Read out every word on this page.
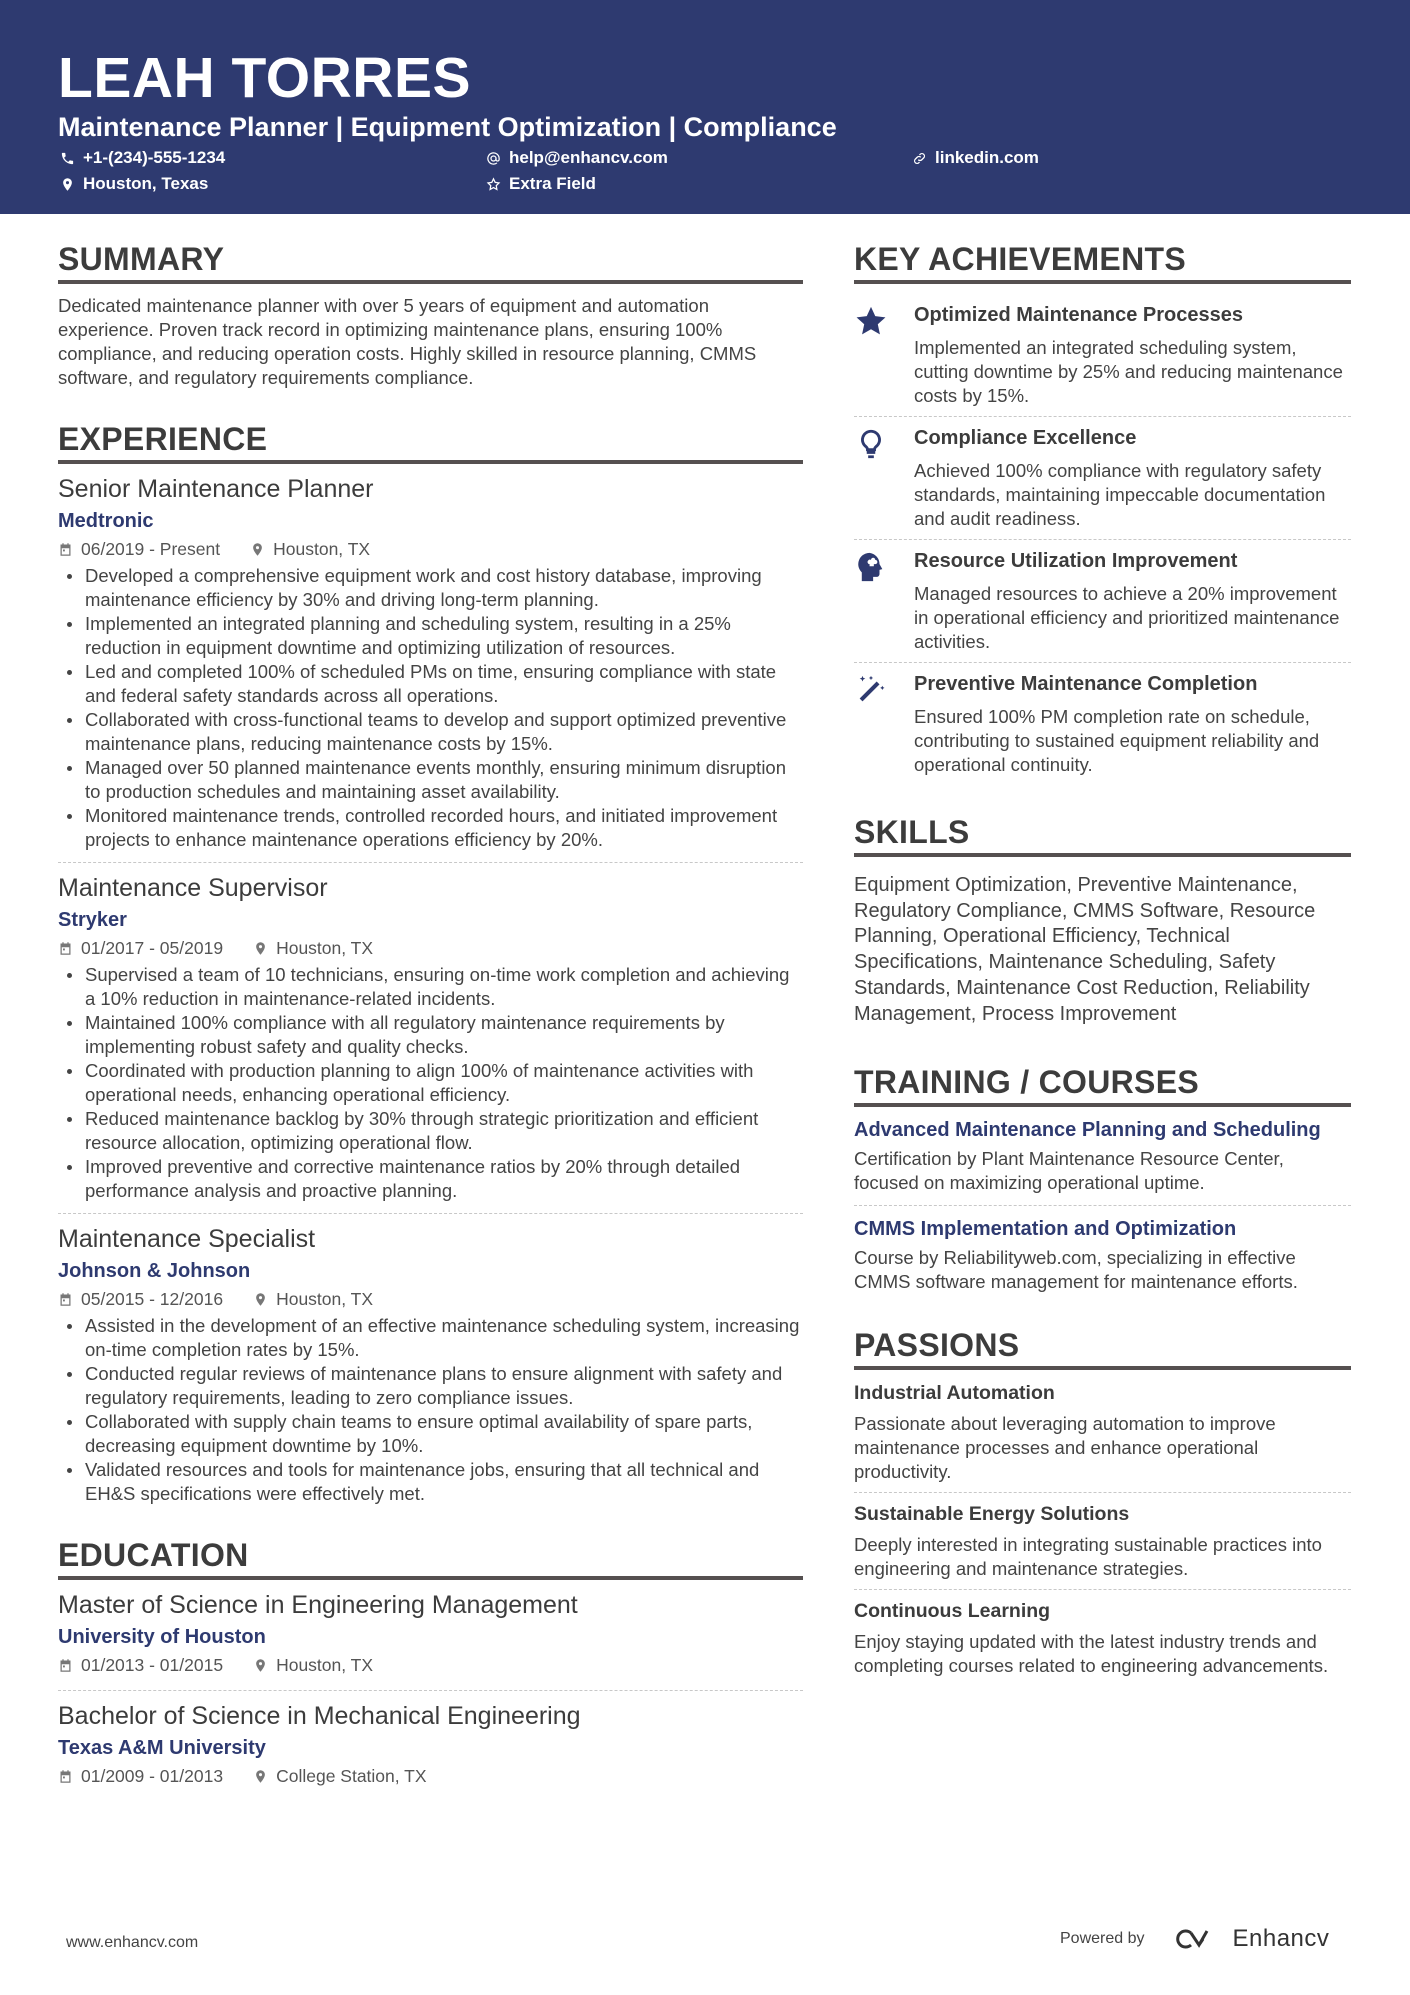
LEAH TORRES
Maintenance Planner | Equipment Optimization | Compliance
+1-(234)-555-1234	help@enhancv.com	linkedin.com
Houston, Texas	Extra Field
SUMMARY
Dedicated maintenance planner with over 5 years of equipment and automation experience. Proven track record in optimizing maintenance plans, ensuring 100% compliance, and reducing operation costs. Highly skilled in resource planning, CMMS software, and regulatory requirements compliance.
EXPERIENCE
Senior Maintenance Planner
Medtronic
06/2019 - Present	Houston, TX
Developed a comprehensive equipment work and cost history database, improving maintenance efficiency by 30% and driving long-term planning.
Implemented an integrated planning and scheduling system, resulting in a 25% reduction in equipment downtime and optimizing utilization of resources.
Led and completed 100% of scheduled PMs on time, ensuring compliance with state and federal safety standards across all operations.
Collaborated with cross-functional teams to develop and support optimized preventive maintenance plans, reducing maintenance costs by 15%.
Managed over 50 planned maintenance events monthly, ensuring minimum disruption to production schedules and maintaining asset availability.
Monitored maintenance trends, controlled recorded hours, and initiated improvement projects to enhance maintenance operations efficiency by 20%.
Maintenance Supervisor
Stryker
01/2017 - 05/2019	Houston, TX
Supervised a team of 10 technicians, ensuring on-time work completion and achieving a 10% reduction in maintenance-related incidents.
Maintained 100% compliance with all regulatory maintenance requirements by implementing robust safety and quality checks.
Coordinated with production planning to align 100% of maintenance activities with operational needs, enhancing operational efficiency.
Reduced maintenance backlog by 30% through strategic prioritization and efficient resource allocation, optimizing operational flow.
Improved preventive and corrective maintenance ratios by 20% through detailed performance analysis and proactive planning.
Maintenance Specialist
Johnson & Johnson
05/2015 - 12/2016	Houston, TX
Assisted in the development of an effective maintenance scheduling system, increasing on-time completion rates by 15%.
Conducted regular reviews of maintenance plans to ensure alignment with safety and regulatory requirements, leading to zero compliance issues.
Collaborated with supply chain teams to ensure optimal availability of spare parts, decreasing equipment downtime by 10%.
Validated resources and tools for maintenance jobs, ensuring that all technical and EH&S specifications were effectively met.
EDUCATION
Master of Science in Engineering Management
University of Houston
01/2013 - 01/2015	Houston, TX
Bachelor of Science in Mechanical Engineering
Texas A&M University
01/2009 - 01/2013	College Station, TX
KEY ACHIEVEMENTS
Optimized Maintenance Processes
Implemented an integrated scheduling system, cutting downtime by 25% and reducing maintenance costs by 15%.
Compliance Excellence
Achieved 100% compliance with regulatory safety standards, maintaining impeccable documentation and audit readiness.
Resource Utilization Improvement
Managed resources to achieve a 20% improvement in operational efficiency and prioritized maintenance activities.
Preventive Maintenance Completion
Ensured 100% PM completion rate on schedule, contributing to sustained equipment reliability and operational continuity.
SKILLS
Equipment Optimization, Preventive Maintenance, Regulatory Compliance, CMMS Software, Resource Planning, Operational Efficiency, Technical Specifications, Maintenance Scheduling, Safety Standards, Maintenance Cost Reduction, Reliability Management, Process Improvement
TRAINING / COURSES
Advanced Maintenance Planning and Scheduling
Certification by Plant Maintenance Resource Center, focused on maximizing operational uptime.
CMMS Implementation and Optimization
Course by Reliabilityweb.com, specializing in effective CMMS software management for maintenance efforts.
PASSIONS
Industrial Automation
Passionate about leveraging automation to improve maintenance processes and enhance operational productivity.
Sustainable Energy Solutions
Deeply interested in integrating sustainable practices into engineering and maintenance strategies.
Continuous Learning
Enjoy staying updated with the latest industry trends and completing courses related to engineering advancements.
www.enhancv.com	Powered by	Enhancv
